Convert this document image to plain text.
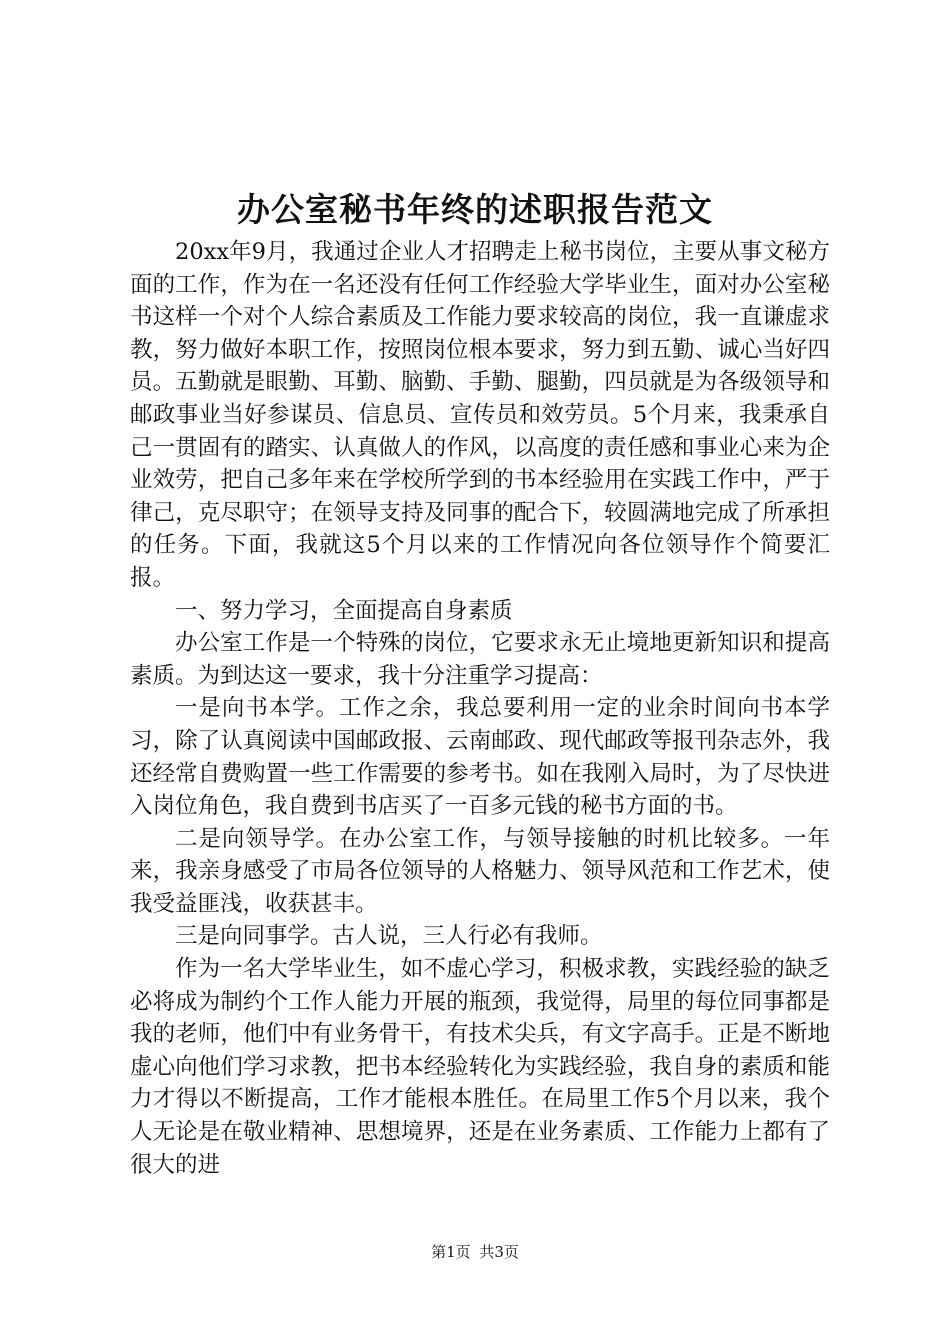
办公室秘书年终的述职报告范文

20xx年9月，我通过企业人才招聘走上秘书岗位，主要从事文秘方面的工作，作为在一名还没有任何工作经验大学毕业生，面对办公室秘书这样一个对个人综合素质及工作能力要求较高的岗位，我一直谦虚求教，努力做好本职工作，按照岗位根本要求，努力到五勤、诚心当好四员。五勤就是眼勤、耳勤、脑勤、手勤、腿勤，四员就是为各级领导和邮政事业当好参谋员、信息员、宣传员和效劳员。5个月来，我秉承自己一贯固有的踏实、认真做人的作风，以高度的责任感和事业心来为企业效劳，把自己多年来在学校所学到的书本经验用在实践工作中，严于律己，克尽职守；在领导支持及同事的配合下，较圆满地完成了所承担的任务。下面，我就这5个月以来的工作情况向各位领导作个简要汇报。

一、努力学习，全面提高自身素质

办公室工作是一个特殊的岗位，它要求永无止境地更新知识和提高素质。为到达这一要求，我十分注重学习提高：

一是向书本学。工作之余，我总要利用一定的业余时间向书本学习，除了认真阅读中国邮政报、云南邮政、现代邮政等报刊杂志外，我还经常自费购置一些工作需要的参考书。如在我刚入局时，为了尽快进入岗位角色，我自费到书店买了一百多元钱的秘书方面的书。

二是向领导学。在办公室工作，与领导接触的时机比较多。一年来，我亲身感受了市局各位领导的人格魅力、领导风范和工作艺术，使我受益匪浅，收获甚丰。

三是向同事学。古人说，三人行必有我师。

作为一名大学毕业生，如不虚心学习，积极求教，实践经验的缺乏必将成为制约个工作人能力开展的瓶颈，我觉得，局里的每位同事都是我的老师，他们中有业务骨干，有技术尖兵，有文字高手。正是不断地虚心向他们学习求教，把书本经验转化为实践经验，我自身的素质和能力才得以不断提高，工作才能根本胜任。在局里工作5个月以来，我个人无论是在敬业精神、思想境界，还是在业务素质、工作能力上都有了很大的进

第1页 共3页
